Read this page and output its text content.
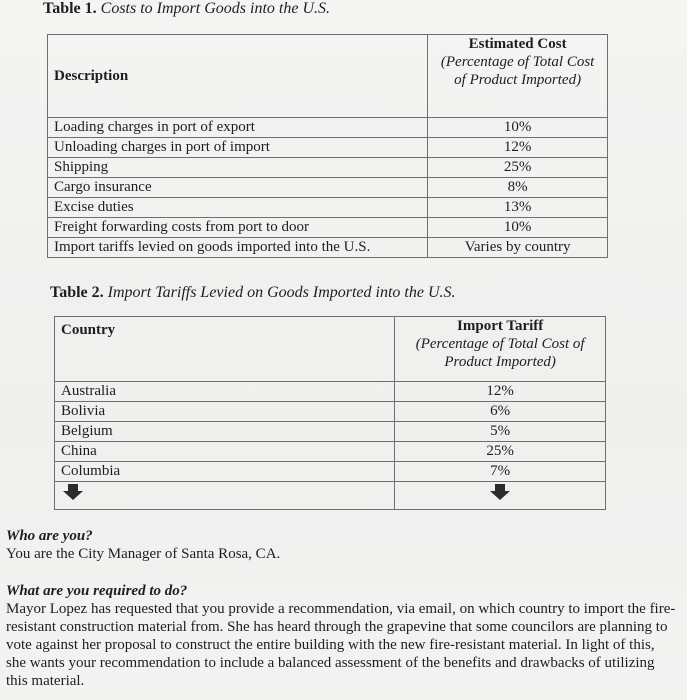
Table 1. Costs to Import Goods into the U.S.
Description	Estimated Cost
(Percentage of Total Cost of Product Imported)

Loading charges in port of export	10%
Unloading charges in port of import	12%
Shipping	25%
Cargo insurance	8%
Excise duties	13%
Freight forwarding costs from port to door	10%
Import tariffs levied on goods imported into the U.S.	Varies by country
Table 2. Import Tariffs Levied on Goods Imported into the U.S.
Country	Import Tariff
(Percentage of Total Cost of Product Imported)

Australia	12%
Bolivia	6%
Belgium	5%
China	25%
Columbia	7%

Who are you?
You are the City Manager of Santa Rosa, CA.
What are you required to do?
Mayor Lopez has requested that you provide a recommendation, via email, on which country to import the fire-resistant construction material from. She has heard through the grapevine that some councilors are planning to vote against her proposal to construct the entire building with the new fire-resistant material. In light of this, she wants your recommendation to include a balanced assessment of the benefits and drawbacks of utilizing this material.
